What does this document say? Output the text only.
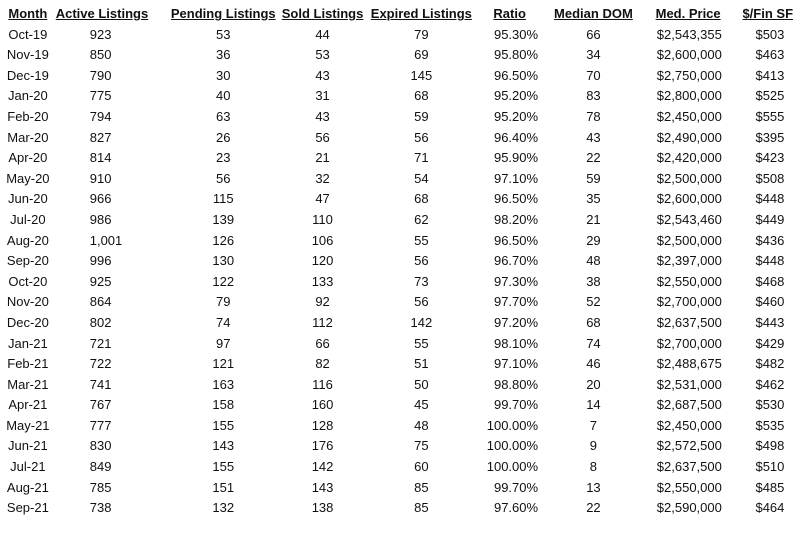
Month	Active Listings	Pending Listings	Sold Listings	Expired Listings	Ratio	Median DOM	Med. Price	$/Fin SF
Oct-19	923	53	44	79	95.30%	66	$2,543,355	$503
Nov-19	850	36	53	69	95.80%	34	$2,600,000	$463
Dec-19	790	30	43	145	96.50%	70	$2,750,000	$413
Jan-20	775	40	31	68	95.20%	83	$2,800,000	$525
Feb-20	794	63	43	59	95.20%	78	$2,450,000	$555
Mar-20	827	26	56	56	96.40%	43	$2,490,000	$395
Apr-20	814	23	21	71	95.90%	22	$2,420,000	$423
May-20	910	56	32	54	97.10%	59	$2,500,000	$508
Jun-20	966	115	47	68	96.50%	35	$2,600,000	$448
Jul-20	986	139	110	62	98.20%	21	$2,543,460	$449
Aug-20	1,001	126	106	55	96.50%	29	$2,500,000	$436
Sep-20	996	130	120	56	96.70%	48	$2,397,000	$448
Oct-20	925	122	133	73	97.30%	38	$2,550,000	$468
Nov-20	864	79	92	56	97.70%	52	$2,700,000	$460
Dec-20	802	74	112	142	97.20%	68	$2,637,500	$443
Jan-21	721	97	66	55	98.10%	74	$2,700,000	$429
Feb-21	722	121	82	51	97.10%	46	$2,488,675	$482
Mar-21	741	163	116	50	98.80%	20	$2,531,000	$462
Apr-21	767	158	160	45	99.70%	14	$2,687,500	$530
May-21	777	155	128	48	100.00%	7	$2,450,000	$535
Jun-21	830	143	176	75	100.00%	9	$2,572,500	$498
Jul-21	849	155	142	60	100.00%	8	$2,637,500	$510
Aug-21	785	151	143	85	99.70%	13	$2,550,000	$485
Sep-21	738	132	138	85	97.60%	22	$2,590,000	$464
